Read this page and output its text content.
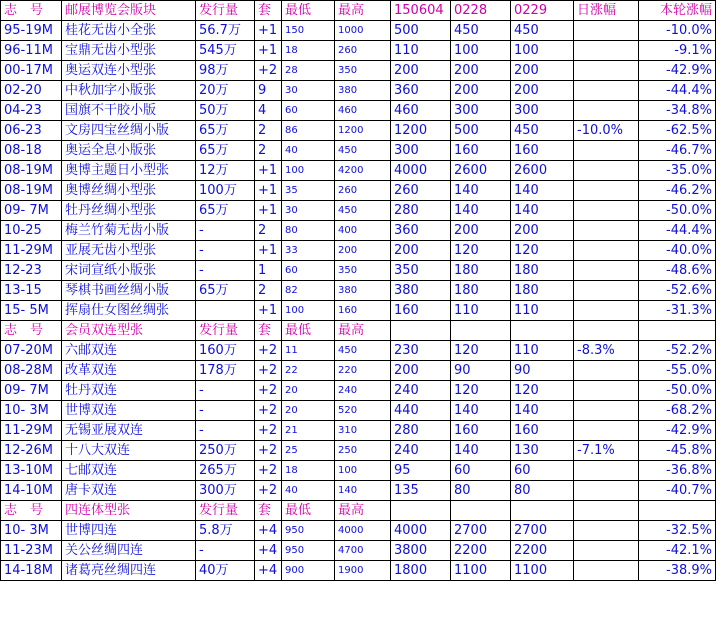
志　号	邮展博览会版块	发行量	套	最低	最高	150604	0228	0229	日涨幅	本轮涨幅
95-19M	桂花无齿小全张	56.7万	+1	150	1000	500	450	450		-10.0%
96-11M	宝鼎无齿小型张	545万	+1	18	260	110	100	100		-9.1%
00-17M	奥运双连小型张	98万	+2	28	350	200	200	200		-42.9%
02-20	中秋加字小版张	20万	9	30	380	360	200	200		-44.4%
04-23	国旗不干胶小版	50万	4	60	460	460	300	300		-34.8%
06-23	文房四宝丝绸小版	65万	2	86	1200	1200	500	450	-10.0%	-62.5%
08-18	奥运全息小版张	65万	2	40	450	300	160	160		-46.7%
08-19M	奥博主题日小型张	12万	+1	100	4200	4000	2600	2600		-35.0%
08-19M	奥博丝绸小型张	100万	+1	35	260	260	140	140		-46.2%
09- 7M	牡丹丝绸小型张	65万	+1	30	450	280	140	140		-50.0%
10-25	梅兰竹菊无齿小版	-	2	80	400	360	200	200		-44.4%
11-29M	亚展无齿小型张	-	+1	33	200	200	120	120		-40.0%
12-23	宋词宣纸小版张	-	1	60	350	350	180	180		-48.6%
13-15	琴棋书画丝绸小版	65万	2	82	380	380	180	180		-52.6%
15- 5M	挥扇仕女图丝绸张		+1	100	160	160	110	110		-31.3%
志　号	会员双连型张	发行量	套	最低	最高					
07-20M	六邮双连	160万	+2	11	450	230	120	110	-8.3%	-52.2%
08-28M	改革双连	178万	+2	22	220	200	90	90		-55.0%
09- 7M	牡丹双连	-	+2	20	240	240	120	120		-50.0%
10- 3M	世博双连	-	+2	20	520	440	140	140		-68.2%
11-29M	无锡亚展双连	-	+2	21	310	280	160	160		-42.9%
12-26M	十八大双连	250万	+2	25	250	240	140	130	-7.1%	-45.8%
13-10M	七邮双连	265万	+2	18	100	95	60	60		-36.8%
14-10M	唐卡双连	300万	+2	40	140	135	80	80		-40.7%
志　号	四连体型张	发行量	套	最低	最高					
10- 3M	世博四连	5.8万	+4	950	4000	4000	2700	2700		-32.5%
11-23M	关公丝绸四连	-	+4	950	4700	3800	2200	2200		-42.1%
14-18M	诸葛亮丝绸四连	40万	+4	900	1900	1800	1100	1100		-38.9%
